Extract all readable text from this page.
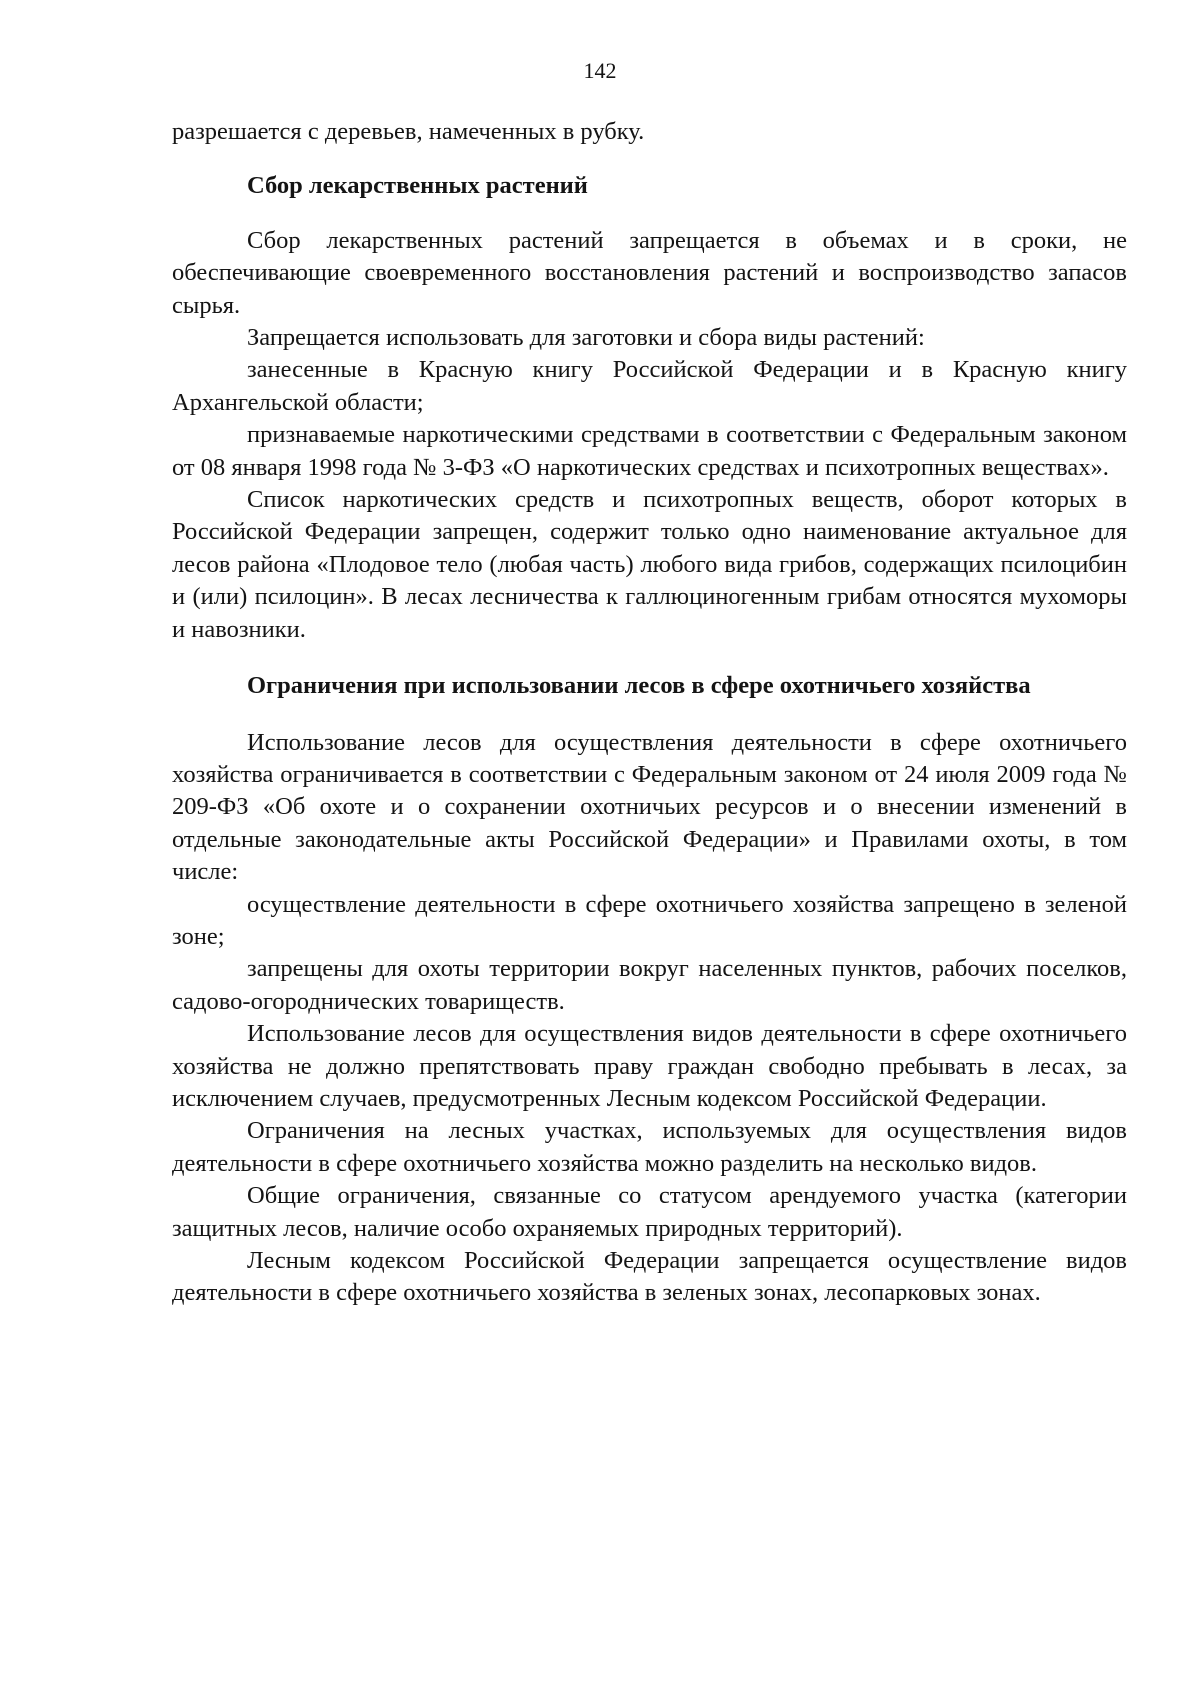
142
разрешается с деревьев, намеченных в рубку.
Сбор лекарственных растений
Сбор лекарственных растений запрещается в объемах и в сроки, не обеспечивающие своевременного восстановления растений и воспроизводство запасов сырья.
Запрещается использовать для заготовки и сбора виды растений:
занесенные в Красную книгу Российской Федерации и в Красную книгу Архангельской области;
признаваемые наркотическими средствами в соответствии с Федеральным законом от 08 января 1998 года № 3-ФЗ «О наркотических средствах и психотропных веществах».
Список наркотических средств и психотропных веществ, оборот которых в Российской Федерации запрещен, содержит только одно наименование актуальное для лесов района «Плодовое тело (любая часть) любого вида грибов, содержащих псилоцибин и (или) псилоцин». В лесах лесничества к галлюциногенным грибам относятся мухоморы и навозники.
Ограничения при использовании лесов в сфере охотничьего хозяйства
Использование лесов для осуществления деятельности в сфере охотничьего хозяйства ограничивается в соответствии с Федеральным законом от 24 июля 2009 года № 209-ФЗ «Об охоте и о сохранении охотничьих ресурсов и о внесении изменений в отдельные законодательные акты Российской Федерации» и Правилами охоты, в том числе:
осуществление деятельности в сфере охотничьего хозяйства запрещено в зеленой зоне;
запрещены для охоты территории вокруг населенных пунктов, рабочих поселков, садово-огороднических товариществ.
Использование лесов для осуществления видов деятельности в сфере охотничьего хозяйства не должно препятствовать праву граждан свободно пребывать в лесах, за исключением случаев, предусмотренных Лесным кодексом Российской Федерации.
Ограничения на лесных участках, используемых для осуществления видов деятельности в сфере охотничьего хозяйства можно разделить на несколько видов.
Общие ограничения, связанные со статусом арендуемого участка (категории защитных лесов, наличие особо охраняемых природных территорий).
Лесным кодексом Российской Федерации запрещается осуществление видов деятельности в сфере охотничьего хозяйства в зеленых зонах, лесопарковых зонах.
